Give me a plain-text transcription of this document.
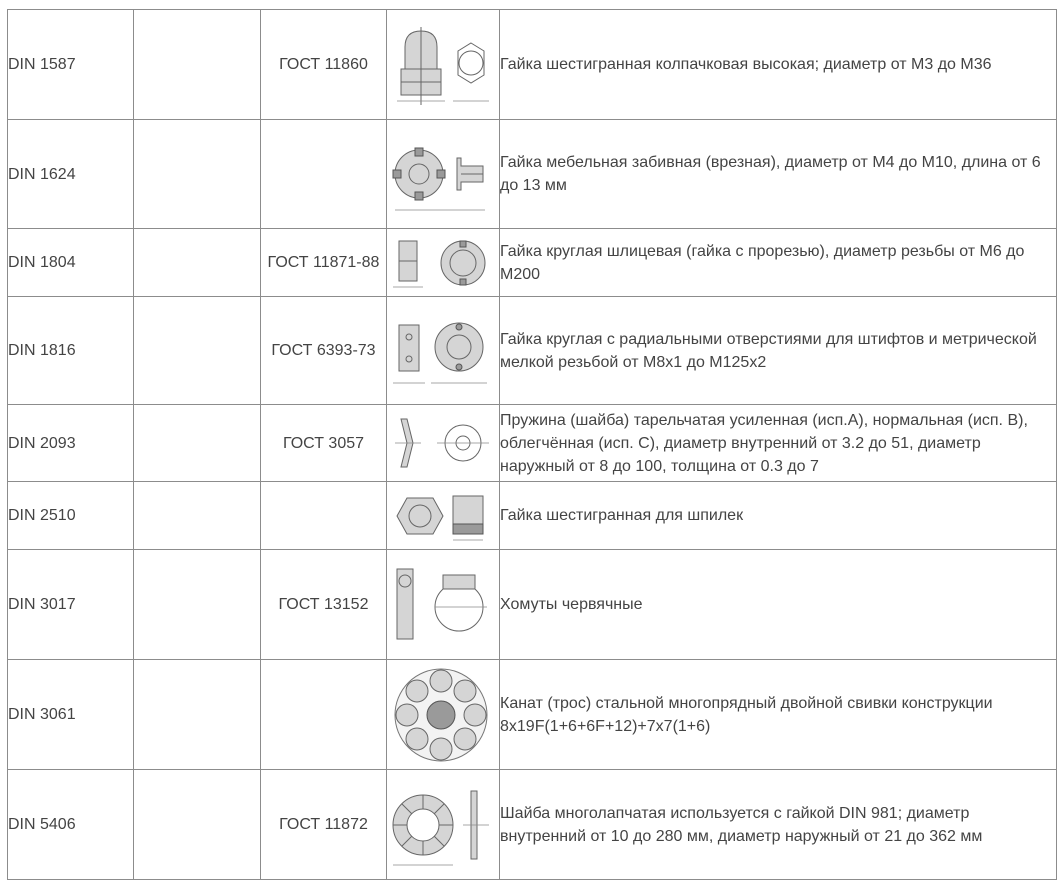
DIN 1587		ГОСТ 11860		Гайка шестигранная колпачковая высокая; диаметр от М3 до М36
DIN 1624				Гайка мебельная забивная (врезная), диаметр от М4 до М10, длина от 6 до 13 мм
DIN 1804		ГОСТ 11871-88		Гайка круглая шлицевая (гайка с прорезью), диаметр резьбы от М6 до М200
DIN 1816		ГОСТ 6393-73		Гайка круглая с радиальными отверстиями для штифтов и метрической мелкой резьбой от М8х1 до М125х2
DIN 2093		ГОСТ 3057		Пружина (шайба) тарельчатая усиленная (исп.А), нормальная (исп. В), облегчённая (исп. С), диаметр внутренний от 3.2 до 51, диаметр наружный от 8 до 100, толщина от 0.3 до 7
DIN 2510				Гайка шестигранная для шпилек
DIN 3017		ГОСТ 13152		Хомуты червячные
DIN 3061				Канат (трос) стальной многопрядный двойной свивки конструкции 8х19F(1+6+6F+12)+7х7(1+6)
DIN 5406		ГОСТ 11872		Шайба многолапчатая используется с гайкой DIN 981; диаметр внутренний от 10 до 280 мм, диаметр наружный от 21 до 362 мм
